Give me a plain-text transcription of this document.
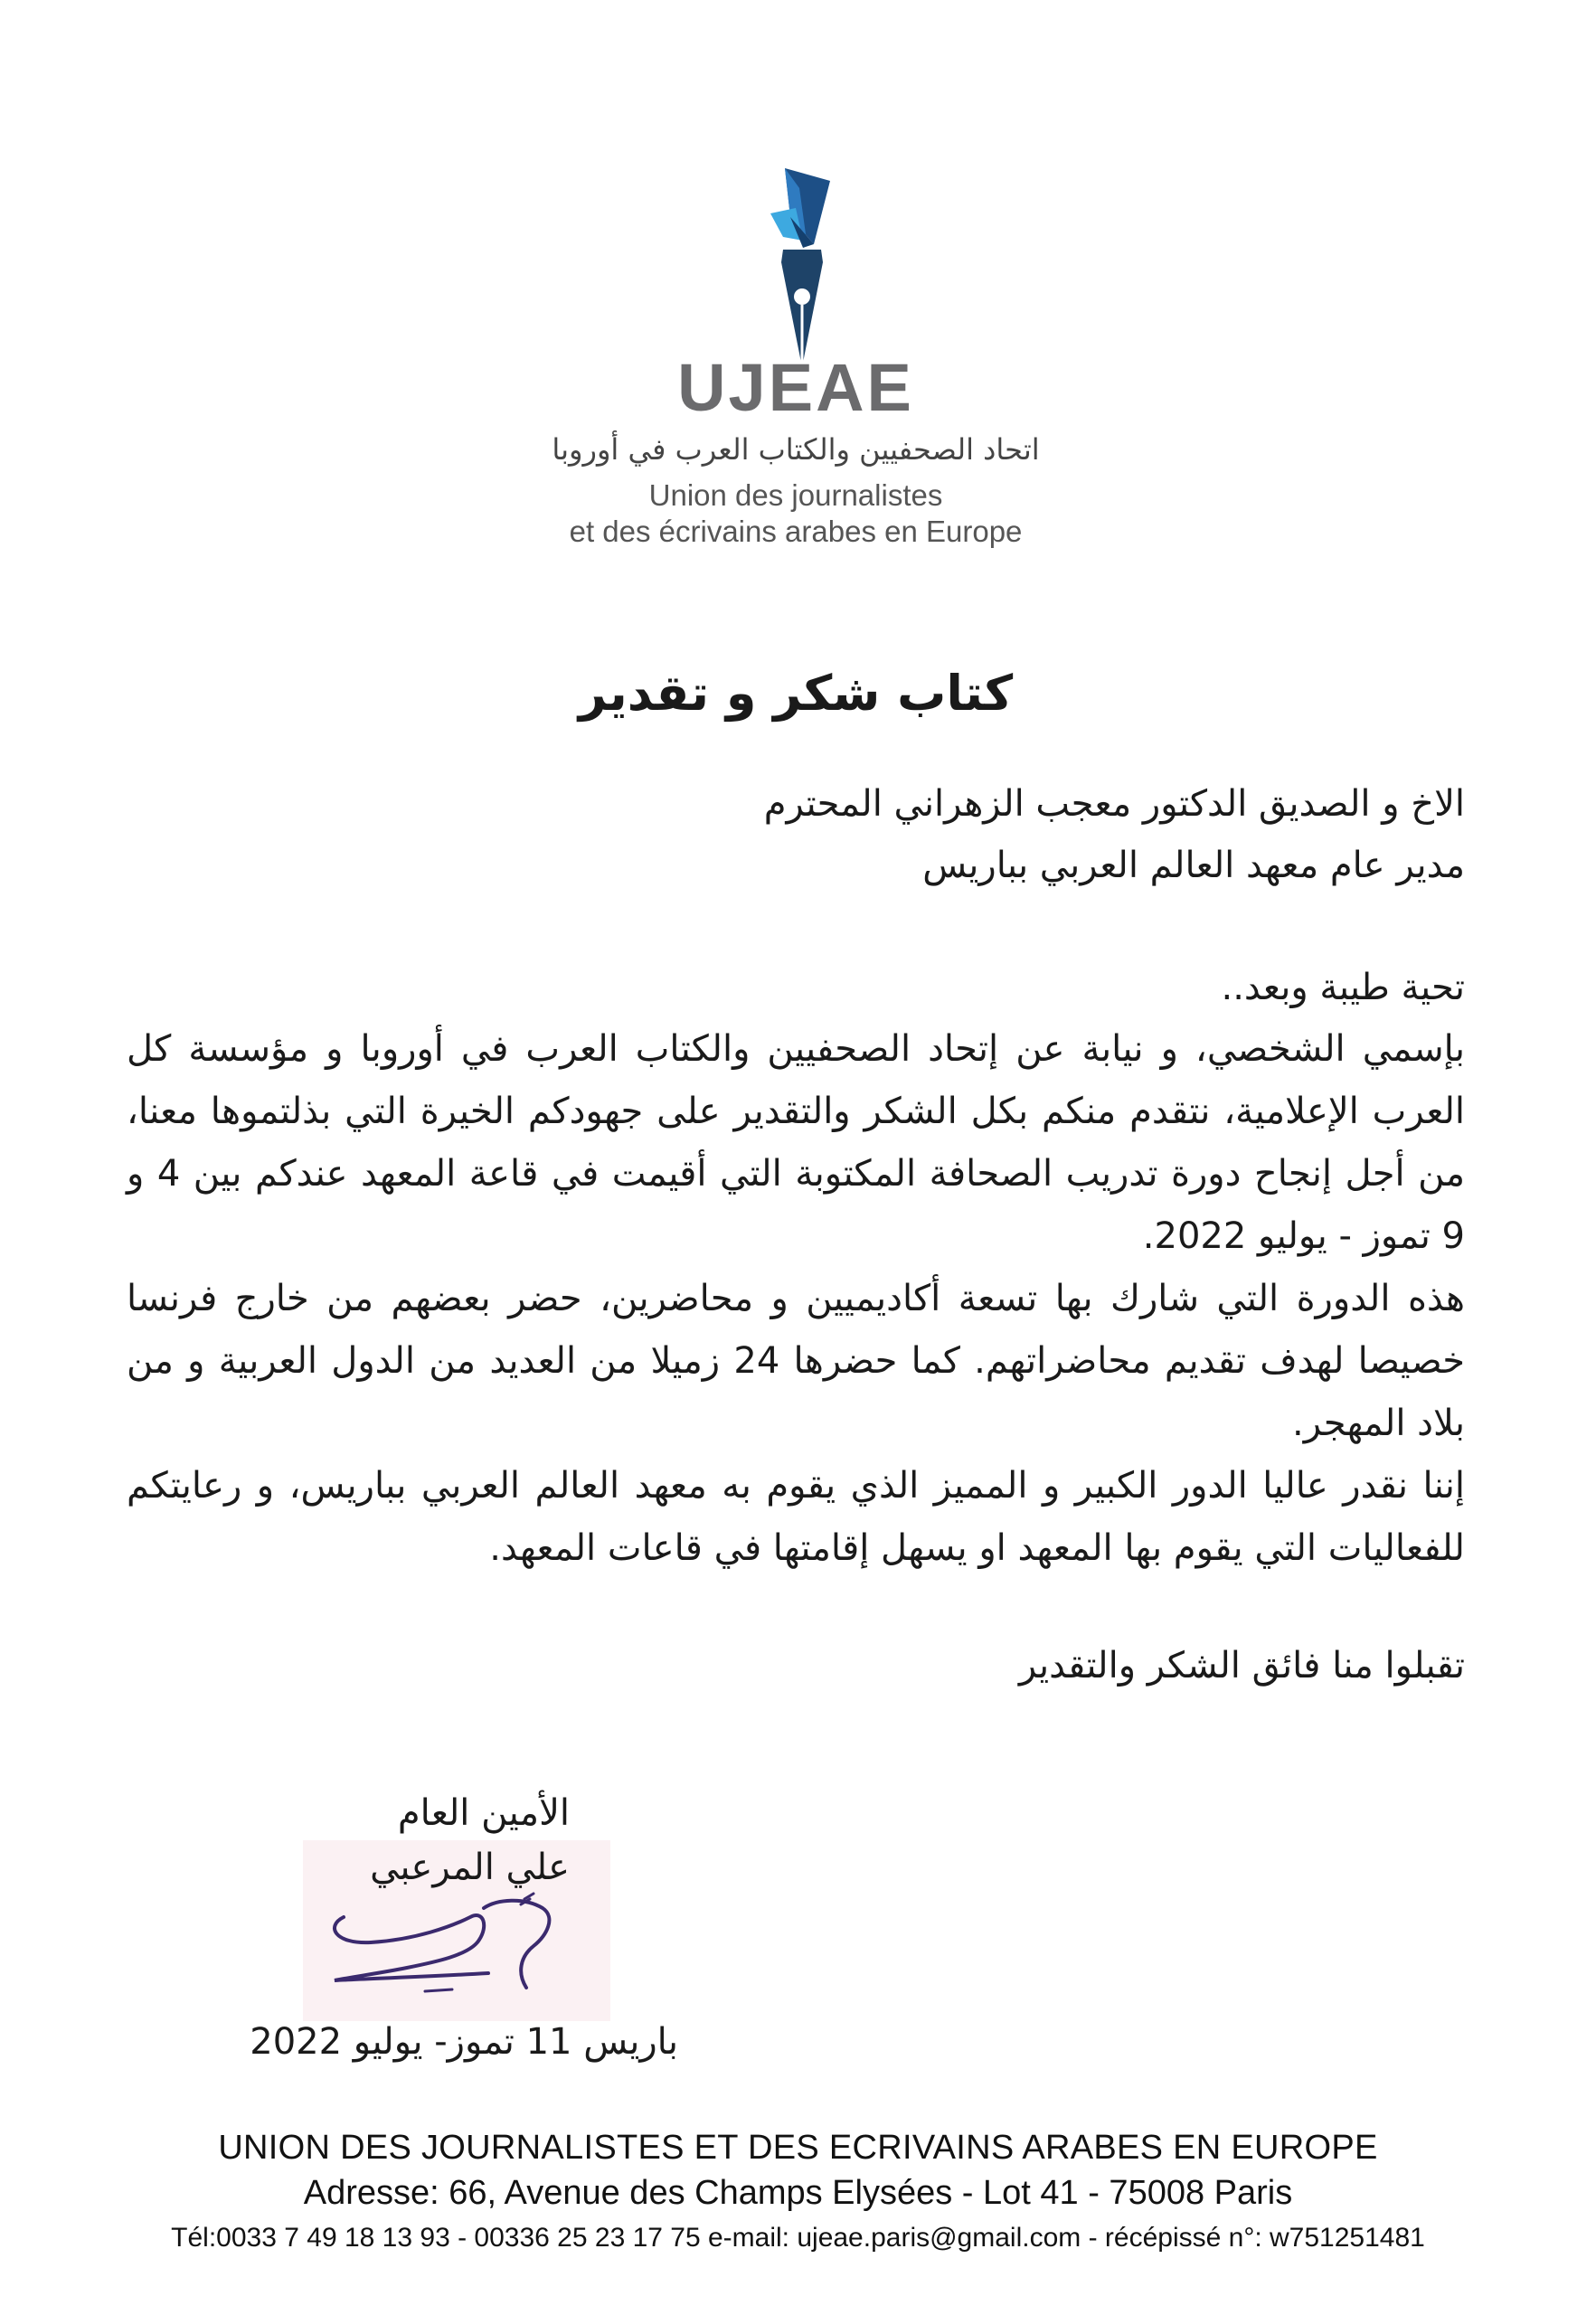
UJEAE
اتحاد الصحفيين والكتاب العرب في أوروبا
Union des journalistes
et des écrivains arabes en Europe
كتاب شكر و تقدير
الاخ و الصديق الدكتور معجب الزهراني المحترم
مدير عام معهد العالم العربي بباريس
تحية طيبة وبعد..

بإسمي الشخصي، و نيابة عن إتحاد الصحفيين والكتاب العرب في أوروبا و مؤسسة كل العرب الإعلامية، نتقدم منكم بكل الشكر والتقدير على جهودكم الخيرة التي بذلتموها معنا، من أجل إنجاح دورة تدريب الصحافة المكتوبة التي أقيمت في قاعة المعهد عندكم بين 4 و 9 تموز - يوليو 2022.

هذه الدورة التي شارك بها تسعة أكاديميين و محاضرين، حضر بعضهم من خارج فرنسا خصيصا لهدف تقديم محاضراتهم. كما حضرها 24 زميلا من العديد من الدول العربية و من بلاد المهجر.

إننا نقدر عاليا الدور الكبير و المميز الذي يقوم به معهد العالم العربي بباريس، و رعايتكم للفعاليات التي يقوم بها المعهد او يسهل إقامتها في قاعات المعهد.

تقبلوا منا فائق الشكر والتقدير
الأمين العام
علي المرعبي
باريس 11 تموز- يوليو 2022
UNION DES JOURNALISTES ET DES ECRIVAINS ARABES EN EUROPE
Adresse: 66, Avenue des Champs Elysées - Lot 41 - 75008 Paris
Tél:0033 7 49 18 13 93 - 00336 25 23 17 75 e-mail: ujeae.paris@gmail.com - récépissé n°: w751251481
